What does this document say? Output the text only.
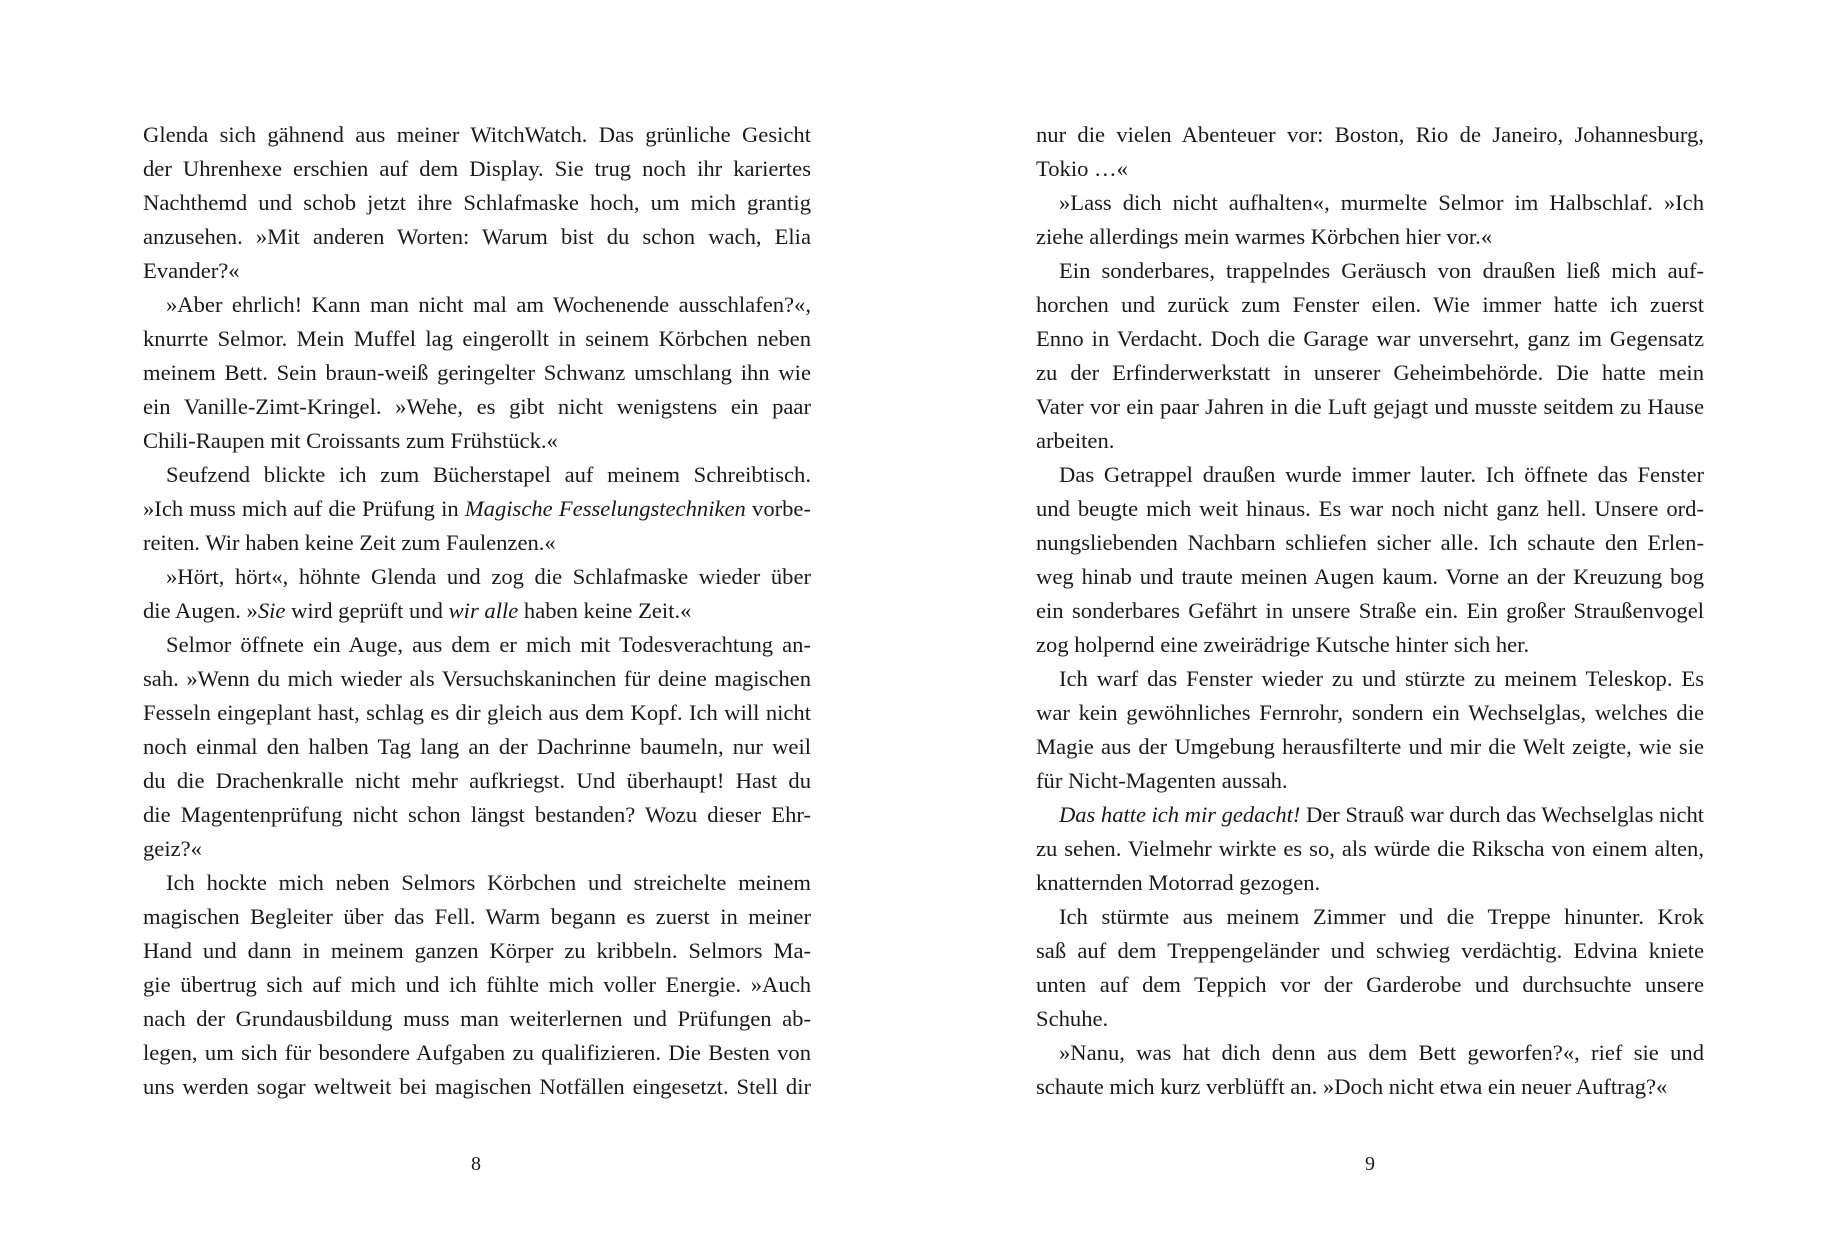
Glenda sich gähnend aus meiner WitchWatch. Das grünliche Gesicht
der Uhrenhexe erschien auf dem Display. Sie trug noch ihr kariertes
Nachthemd und schob jetzt ihre Schlafmaske hoch, um mich grantig
anzusehen. »Mit anderen Worten: Warum bist du schon wach, Elia
Evander?«
»Aber ehrlich! Kann man nicht mal am Wochenende ausschlafen?«,
knurrte Selmor. Mein Muffel lag eingerollt in seinem Körbchen neben
meinem Bett. Sein braun-weiß geringelter Schwanz umschlang ihn wie
ein Vanille-Zimt-Kringel. »Wehe, es gibt nicht wenigstens ein paar
Chili-Raupen mit Croissants zum Frühstück.«
Seufzend blickte ich zum Bücherstapel auf meinem Schreibtisch.
»Ich muss mich auf die Prüfung in Magische Fesselungstechniken vorbe-
reiten. Wir haben keine Zeit zum Faulenzen.«
»Hört, hört«, höhnte Glenda und zog die Schlafmaske wieder über
die Augen. »Sie wird geprüft und wir alle haben keine Zeit.«
Selmor öffnete ein Auge, aus dem er mich mit Todesverachtung an-
sah. »Wenn du mich wieder als Versuchskaninchen für deine magischen
Fesseln eingeplant hast, schlag es dir gleich aus dem Kopf. Ich will nicht
noch einmal den halben Tag lang an der Dachrinne baumeln, nur weil
du die Drachenkralle nicht mehr aufkriegst. Und überhaupt! Hast du
die Magentenprüfung nicht schon längst bestanden? Wozu dieser Ehr-
geiz?«
Ich hockte mich neben Selmors Körbchen und streichelte meinem
magischen Begleiter über das Fell. Warm begann es zuerst in meiner
Hand und dann in meinem ganzen Körper zu kribbeln. Selmors Ma-
gie übertrug sich auf mich und ich fühlte mich voller Energie. »Auch
nach der Grundausbildung muss man weiterlernen und Prüfungen ab-
legen, um sich für besondere Aufgaben zu qualifizieren. Die Besten von
uns werden sogar weltweit bei magischen Notfällen eingesetzt. Stell dir
8
nur die vielen Abenteuer vor: Boston, Rio de Janeiro, Johannesburg,
Tokio …«
»Lass dich nicht aufhalten«, murmelte Selmor im Halbschlaf. »Ich
ziehe allerdings mein warmes Körbchen hier vor.«
Ein sonderbares, trappelndes Geräusch von draußen ließ mich auf-
horchen und zurück zum Fenster eilen. Wie immer hatte ich zuerst
Enno in Verdacht. Doch die Garage war unversehrt, ganz im Gegensatz
zu der Erfinderwerkstatt in unserer Geheimbehörde. Die hatte mein
Vater vor ein paar Jahren in die Luft gejagt und musste seitdem zu Hause
arbeiten.
Das Getrappel draußen wurde immer lauter. Ich öffnete das Fenster
und beugte mich weit hinaus. Es war noch nicht ganz hell. Unsere ord-
nungsliebenden Nachbarn schliefen sicher alle. Ich schaute den Erlen-
weg hinab und traute meinen Augen kaum. Vorne an der Kreuzung bog
ein sonderbares Gefährt in unsere Straße ein. Ein großer Straußenvogel
zog holpernd eine zweirädrige Kutsche hinter sich her.
Ich warf das Fenster wieder zu und stürzte zu meinem Teleskop. Es
war kein gewöhnliches Fernrohr, sondern ein Wechselglas, welches die
Magie aus der Umgebung herausfilterte und mir die Welt zeigte, wie sie
für Nicht-Magenten aussah.
Das hatte ich mir gedacht! Der Strauß war durch das Wechselglas nicht
zu sehen. Vielmehr wirkte es so, als würde die Rikscha von einem alten,
knatternden Motorrad gezogen.
Ich stürmte aus meinem Zimmer und die Treppe hinunter. Krok
saß auf dem Treppengeländer und schwieg verdächtig. Edvina kniete
unten auf dem Teppich vor der Garderobe und durchsuchte unsere
Schuhe.
»Nanu, was hat dich denn aus dem Bett geworfen?«, rief sie und
schaute mich kurz verblüfft an. »Doch nicht etwa ein neuer Auftrag?«
9
